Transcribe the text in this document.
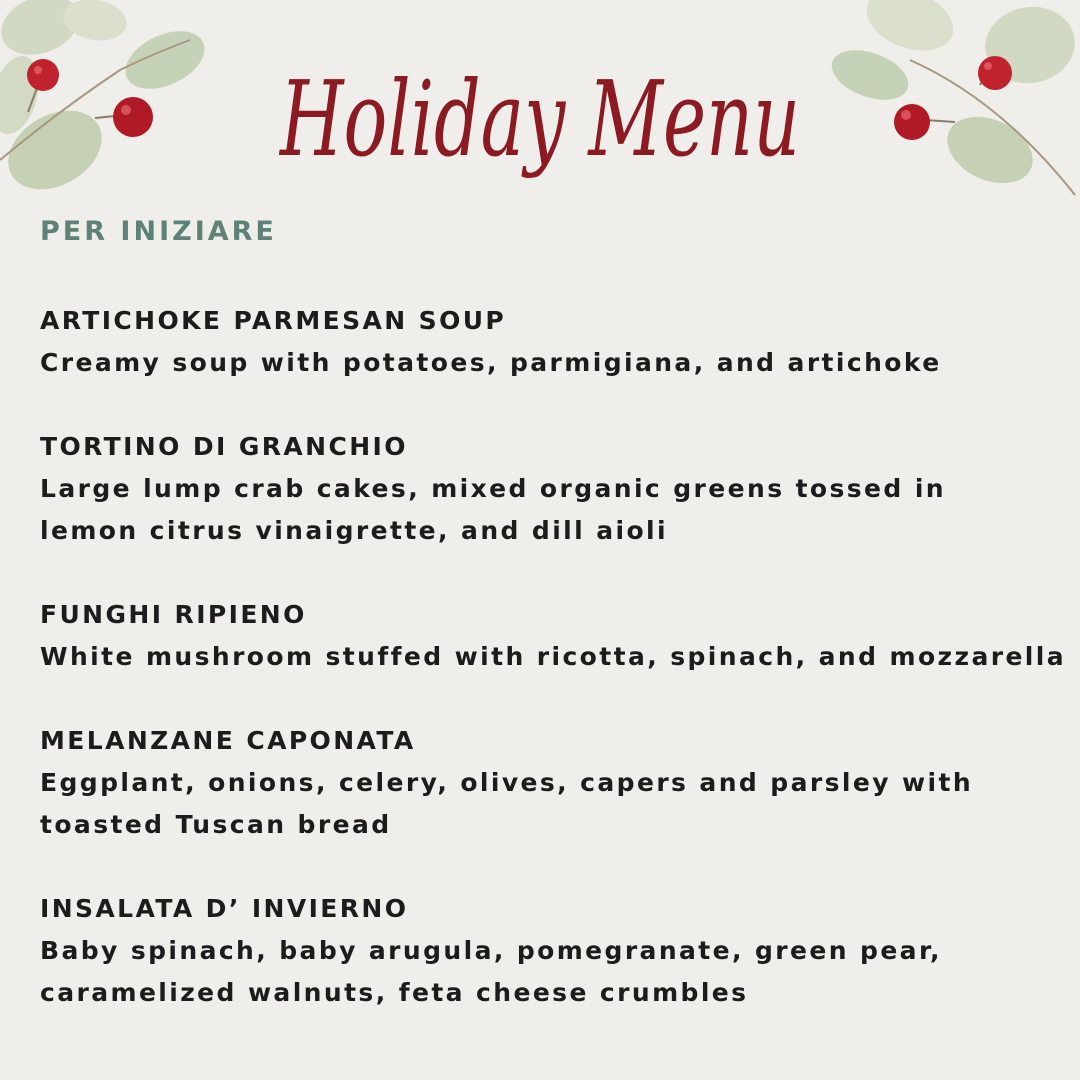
Holiday Menu
PER INIZIARE
ARTICHOKE PARMESAN SOUP
Creamy soup with potatoes, parmigiana, and artichoke
TORTINO DI GRANCHIO
Large lump crab cakes, mixed organic greens tossed in
lemon citrus vinaigrette, and dill aioli
FUNGHI RIPIENO
White mushroom stuffed with ricotta, spinach, and mozzarella
MELANZANE CAPONATA
Eggplant, onions, celery, olives, capers and parsley with
toasted Tuscan bread
INSALATA D’ INVIERNO
Baby spinach, baby arugula, pomegranate, green pear,
caramelized walnuts, feta cheese crumbles
